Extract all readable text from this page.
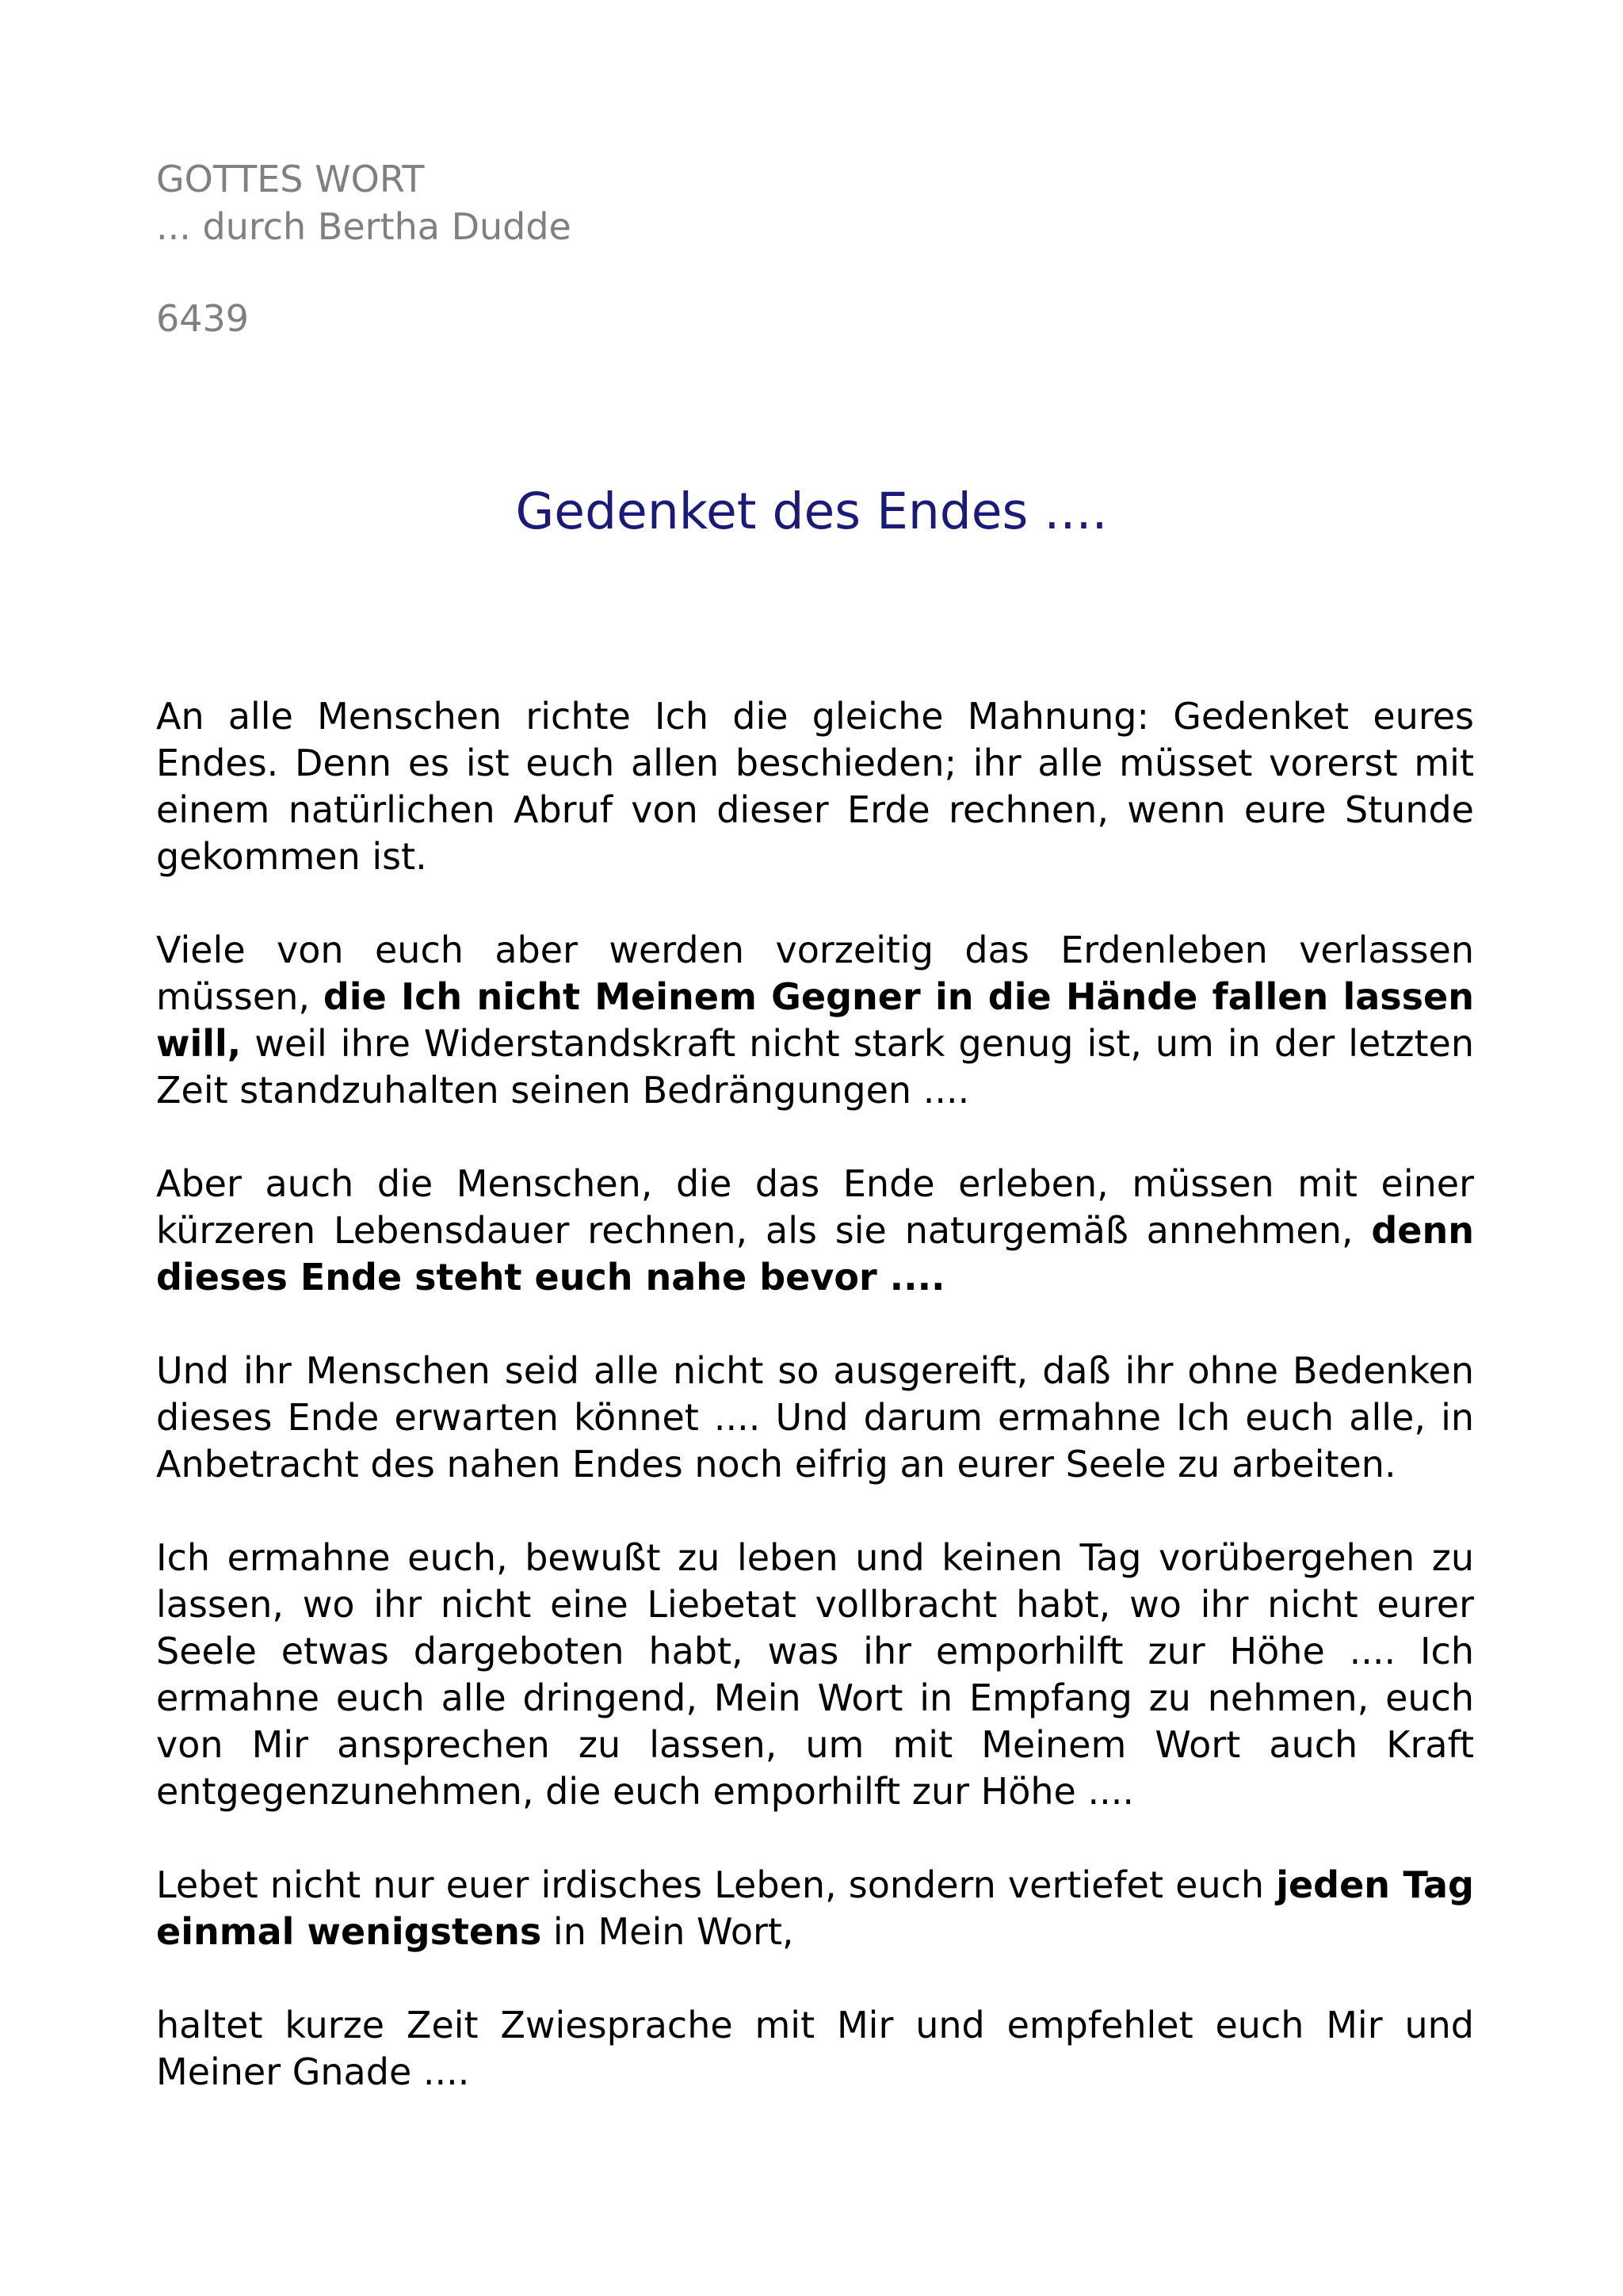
GOTTES WORT
... durch Bertha Dudde
6439
Gedenket des Endes ....

An alle Menschen richte Ich die gleiche Mahnung: Gedenket eures Endes. Denn es ist euch allen beschieden; ihr alle müsset vorerst mit einem natürlichen Abruf von dieser Erde rechnen, wenn eure Stunde gekommen ist.

Viele von euch aber werden vorzeitig das Erdenleben verlassen müssen, die Ich nicht Meinem Gegner in die Hände fallen lassen will, weil ihre Widerstandskraft nicht stark genug ist, um in der letzten Zeit standzuhalten seinen Bedrängungen ....

Aber auch die Menschen, die das Ende erleben, müssen mit einer kürzeren Lebensdauer rechnen, als sie naturgemäß annehmen, denn dieses Ende steht euch nahe bevor ....

Und ihr Menschen seid alle nicht so ausgereift, daß ihr ohne Bedenken dieses Ende erwarten könnet .... Und darum ermahne Ich euch alle, in Anbetracht des nahen Endes noch eifrig an eurer Seele zu arbeiten.

Ich ermahne euch, bewußt zu leben und keinen Tag vorübergehen zu lassen, wo ihr nicht eine Liebetat vollbracht habt, wo ihr nicht eurer Seele etwas dargeboten habt, was ihr emporhilft zur Höhe .... Ich ermahne euch alle dringend, Mein Wort in Empfang zu nehmen, euch von Mir ansprechen zu lassen, um mit Meinem Wort auch Kraft entgegenzunehmen, die euch emporhilft zur Höhe ....

Lebet nicht nur euer irdisches Leben, sondern vertiefet euch jeden Tag einmal wenigstens in Mein Wort,

haltet kurze Zeit Zwiesprache mit Mir und empfehlet euch Mir und Meiner Gnade ....
